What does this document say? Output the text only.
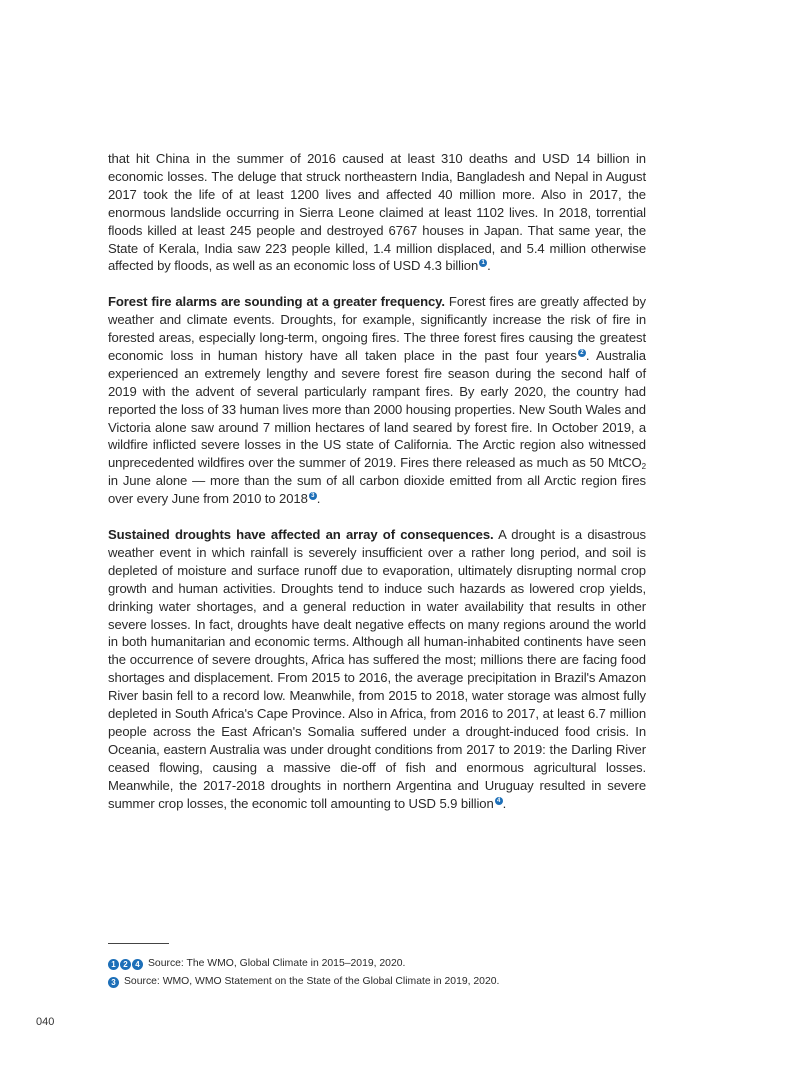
that hit China in the summer of 2016 caused at least 310 deaths and USD 14 billion in economic losses. The deluge that struck northeastern India, Bangladesh and Nepal in August 2017 took the life of at least 1200 lives and affected 40 million more. Also in 2017, the enormous landslide occurring in Sierra Leone claimed at least 1102 lives. In 2018, torrential floods killed at least 245 people and destroyed 6767 houses in Japan. That same year, the State of Kerala, India saw 223 people killed, 1.4 million displaced, and 5.4 million otherwise affected by floods, as well as an economic loss of USD 4.3 billion 1 .

Forest fire alarms are sounding at a greater frequency. Forest fires are greatly affected by weather and climate events. Droughts, for example, significantly increase the risk of fire in forested areas, especially long-term, ongoing fires. The three forest fires causing the greatest economic loss in human history have all taken place in the past four years 2 . Australia experienced an extremely lengthy and severe forest fire season during the second half of 2019 with the advent of several particularly rampant fires. By early 2020, the country had reported the loss of 33 human lives more than 2000 housing properties. New South Wales and Victoria alone saw around 7 million hectares of land seared by forest fire. In October 2019, a wildfire inflicted severe losses in the US state of California. The Arctic region also witnessed unprecedented wildfires over the summer of 2019. Fires there released as much as 50 MtCO$_2$ in June alone — more than the sum of all carbon dioxide emitted from all Arctic region fires over every June from 2010 to 2018 3 .

Sustained droughts have affected an array of consequences. A drought is a disastrous weather event in which rainfall is severely insufficient over a rather long period, and soil is depleted of moisture and surface runoff due to evaporation, ultimately disrupting normal crop growth and human activities. Droughts tend to induce such hazards as lowered crop yields, drinking water shortages, and a general reduction in water availability that results in other severe losses. In fact, droughts have dealt negative effects on many regions around the world in both humanitarian and economic terms. Although all human-inhabited continents have seen the occurrence of severe droughts, Africa has suffered the most; millions there are facing food shortages and displacement. From 2015 to 2016, the average precipitation in Brazil's Amazon River basin fell to a record low. Meanwhile, from 2015 to 2018, water storage was almost fully depleted in South Africa's Cape Province. Also in Africa, from 2016 to 2017, at least 6.7 million people across the East African's Somalia suffered under a drought-induced food crisis. In Oceania, eastern Australia was under drought conditions from 2017 to 2019: the Darling River ceased flowing, causing a massive die-off of fish and enormous agricultural losses. Meanwhile, the 2017-2018 droughts in northern Argentina and Uruguay resulted in severe summer crop losses, the economic toll amounting to USD 5.9 billion 4 .

1 2 4 Source: The WMO, Global Climate in 2015–2019, 2020.
3 Source: WMO, WMO Statement on the State of the Global Climate in 2019, 2020.
040
